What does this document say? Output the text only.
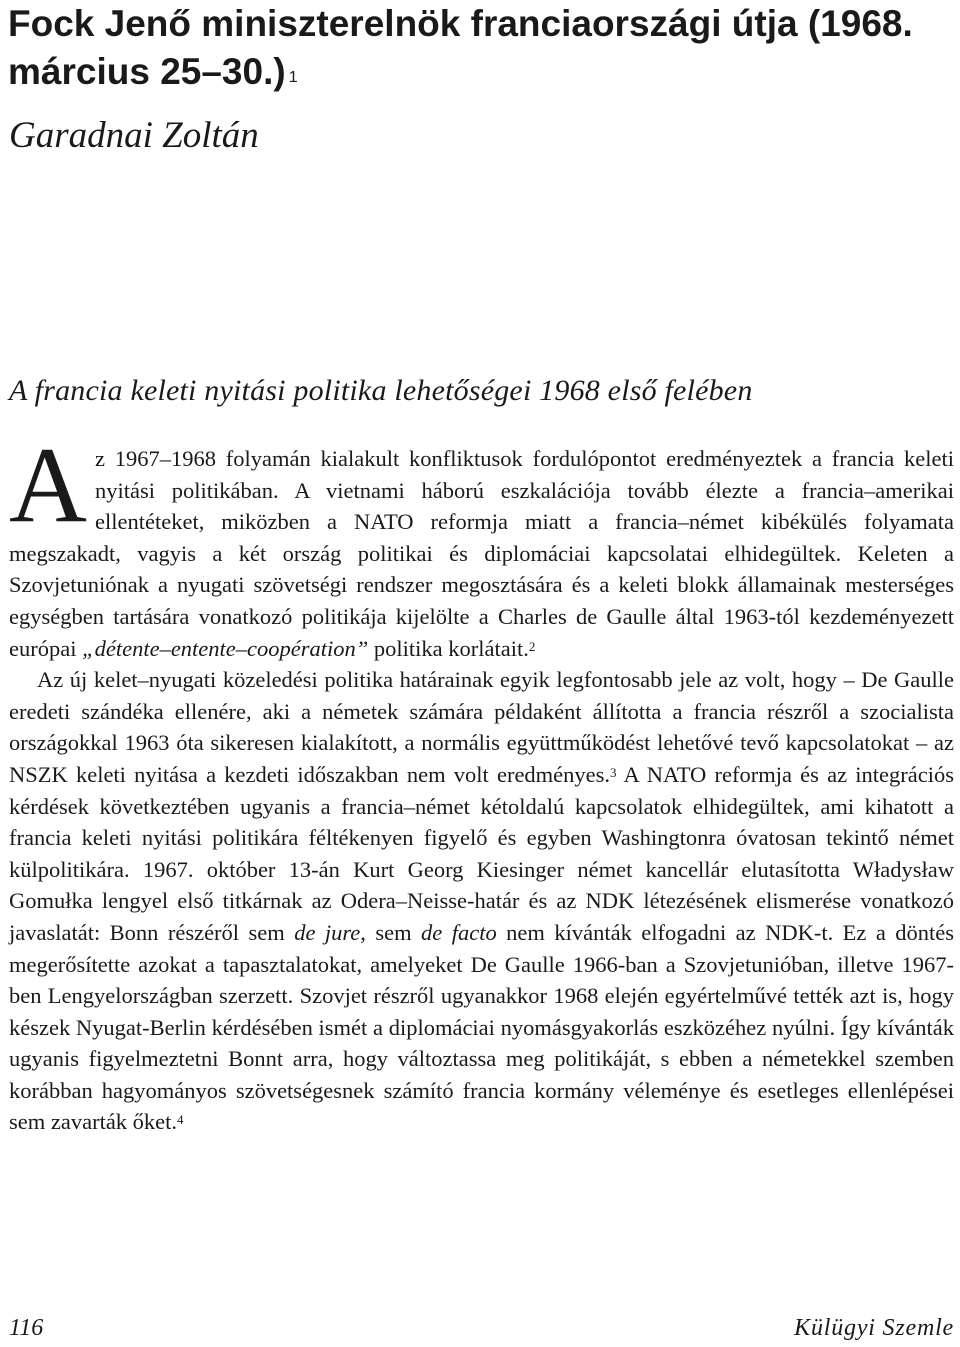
Fock Jenő miniszterelnök franciaországi útja (1968. március 25–30.) $^1$
Garadnai Zoltán
A francia keleti nyitási politika lehetőségei 1968 első felében

Az 1967–1968 folyamán kialakult konfliktusok fordulópontot eredményeztek a francia keleti nyitási politikában. A vietnami háború eszkalációja tovább élezte a francia–amerikai ellentéteket, miközben a NATO reformja miatt a francia–német kibékülés folyamata megszakadt, vagyis a két ország politikai és diplomáciai kapcsolatai elhidegültek. Keleten a Szovjetuniónak a nyugati szövetségi rendszer megosztására és a keleti blokk államainak mesterséges egységben tartására vonatkozó politikája kijelölte a Charles de Gaulle által 1963-tól kezdeményezett európai „détente–entente–coopération” politika korlátait.$^2$

Az új kelet–nyugati közeledési politika határainak egyik legfontosabb jele az volt, hogy – De Gaulle eredeti szándéka ellenére, aki a németek számára példaként állította a francia részről a szocialista országokkal 1963 óta sikeresen kialakított, a normális együttműködést lehetővé tevő kapcsolatokat – az NSZK keleti nyitása a kezdeti időszakban nem volt eredményes.$^3$ A NATO reformja és az integrációs kérdések következtében ugyanis a francia–német kétoldalú kapcsolatok elhidegültek, ami kihatott a francia keleti nyitási politikára féltékenyen figyelő és egyben Washingtonra óvatosan tekintő német külpolitikára. 1967. október 13-án Kurt Georg Kiesinger német kancellár elutasította Władysław Gomułka lengyel első titkárnak az Odera–Neisse-határ és az NDK létezésének elismerése vonatkozó javaslatát: Bonn részéről sem de jure, sem de facto nem kívánták elfogadni az NDK-t. Ez a döntés megerősítette azokat a tapasztalatokat, amelyeket De Gaulle 1966-ban a Szovjetunióban, illetve 1967-ben Lengyelországban szerzett. Szovjet részről ugyanakkor 1968 elején egyértelművé tették azt is, hogy készek Nyugat-Berlin kérdésében ismét a diplomáciai nyomásgyakorlás eszközéhez nyúlni. Így kívánták ugyanis figyelmeztetni Bonnt arra, hogy változtassa meg politikáját, s ebben a németekkel szemben korábban hagyományos szövetségesnek számító francia kormány véleménye és esetleges ellenlépései sem zavarták őket.$^4$

116	Külügyi Szemle
